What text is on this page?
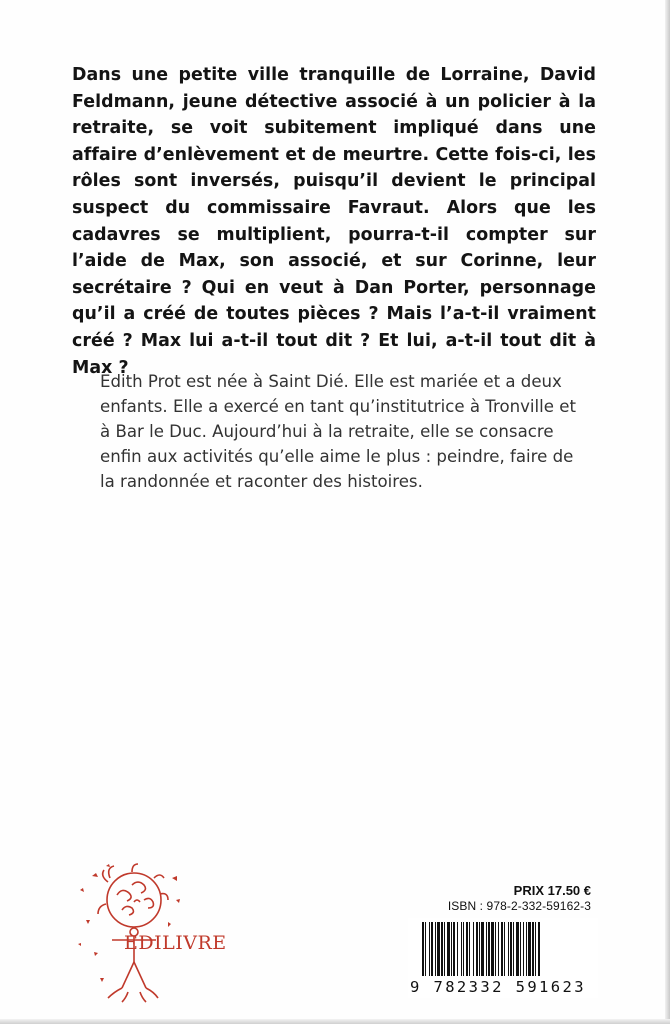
Dans une petite ville tranquille de Lorraine, David Feldmann, jeune détective associé à un policier à la retraite, se voit subitement impliqué dans une affaire d’enlèvement et de meurtre. Cette fois-ci, les rôles sont inversés, puisqu’il devient le principal suspect du commissaire Favraut. Alors que les cadavres se multiplient, pourra-t-il compter sur l’aide de Max, son associé, et sur Corinne, leur secrétaire ? Qui en veut à Dan Porter, personnage qu’il a créé de toutes pièces ? Mais l’a-t-il vraiment créé ? Max lui a-t-il tout dit ? Et lui, a-t-il tout dit à Max ?
Edith Prot est née à Saint Dié. Elle est mariée et a deux enfants. Elle a exercé en tant qu’institutrice à Tronville et à Bar le Duc. Aujourd’hui à la retraite, elle se consacre enfin aux activités qu’elle aime le plus : peindre, faire de la randonnée et raconter des histoires.
EDILIVRE
PRIX 17.50 €
ISBN : 978-2-332-59162-3
9 782332 591623
